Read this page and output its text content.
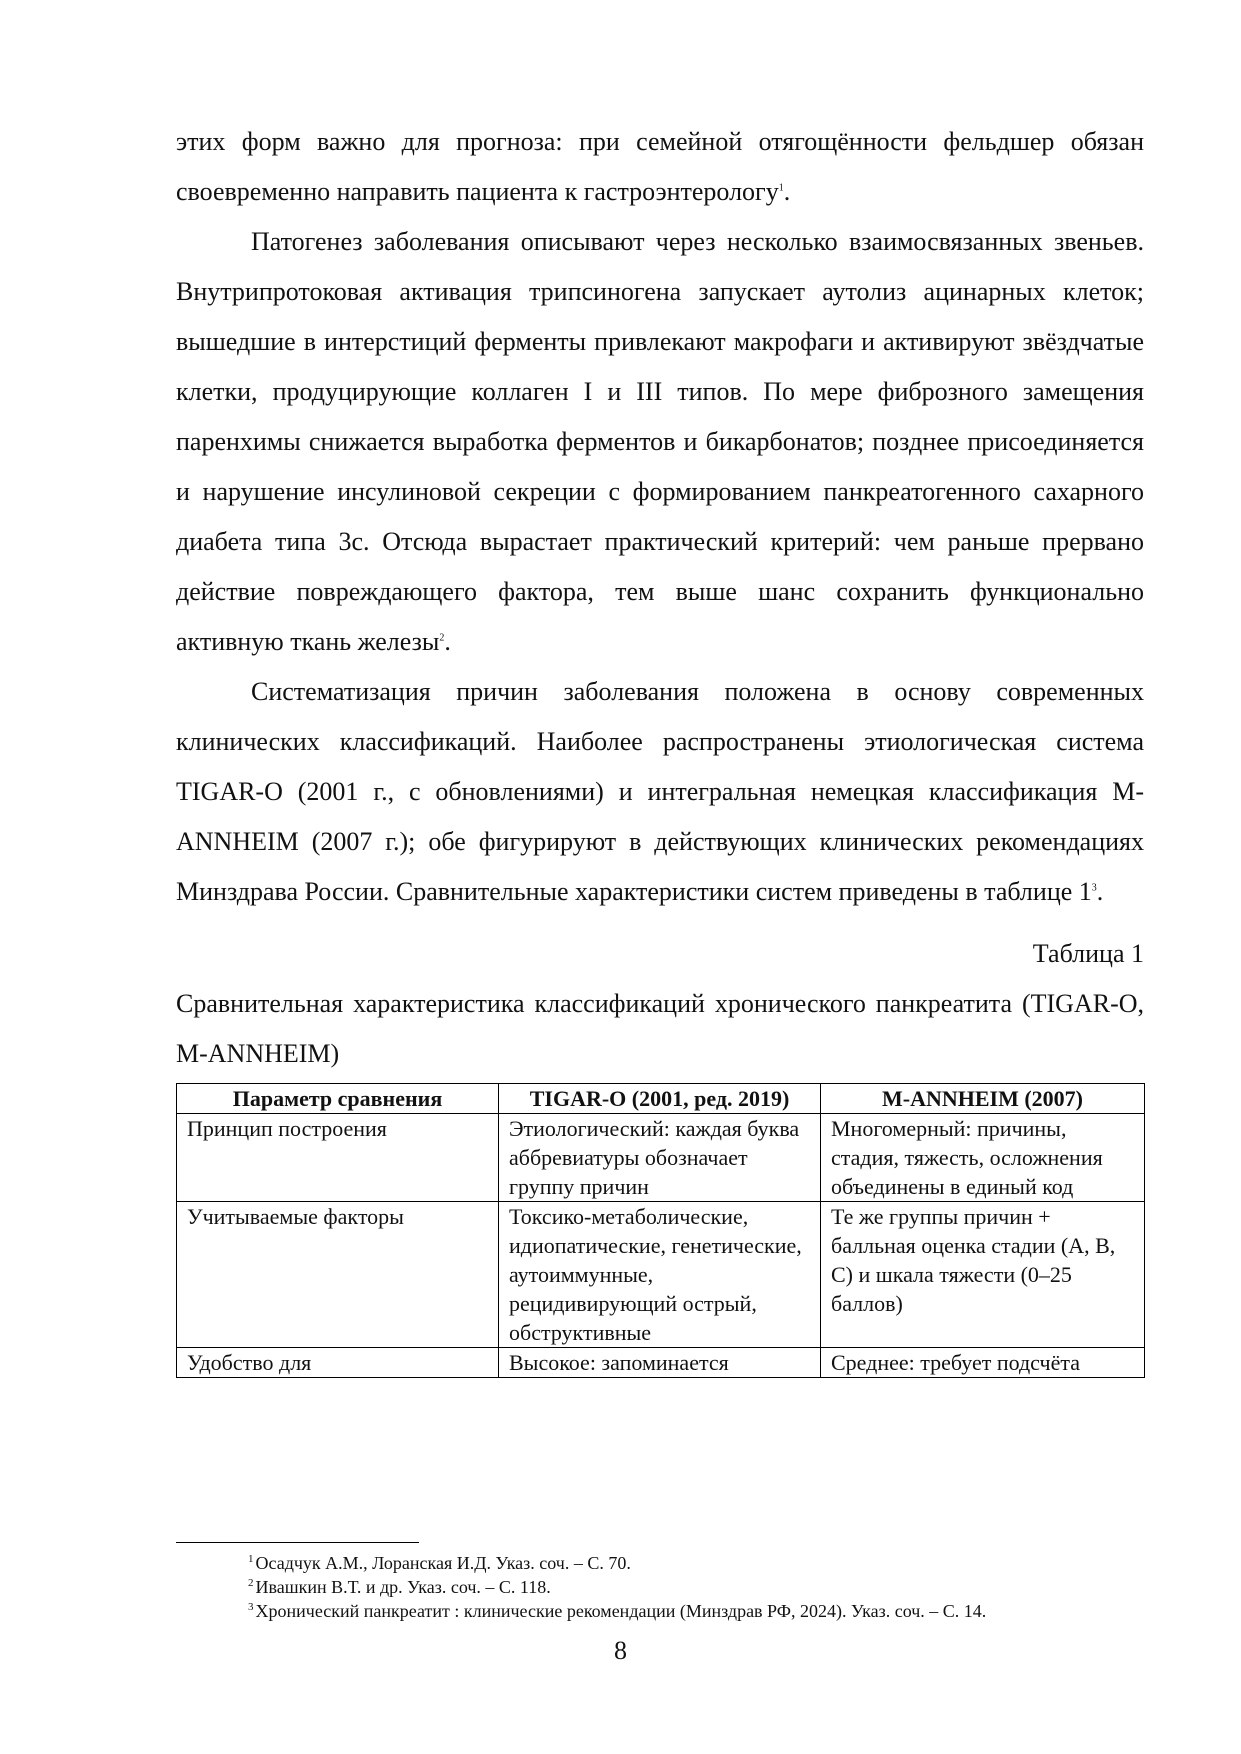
этих форм важно для прогноза: при семейной отягощённости фельдшер обязан своевременно направить пациента к гастроэнтерологу$^1$.

Патогенез заболевания описывают через несколько взаимосвязанных звеньев. Внутрипротоковая активация трипсиногена запускает аутолиз ацинарных клеток; вышедшие в интерстиций ферменты привлекают макрофаги и активируют звёздчатые клетки, продуцирующие коллаген I и III типов. По мере фиброзного замещения паренхимы снижается выработка ферментов и бикарбонатов; позднее присоединяется и нарушение инсулиновой секреции с формированием панкреатогенного сахарного диабета типа 3с. Отсюда вырастает практический критерий: чем раньше прервано действие повреждающего фактора, тем выше шанс сохранить функционально активную ткань железы$^2$.

Систематизация причин заболевания положена в основу современных клинических классификаций. Наиболее распространены этиологическая система TIGAR-O (2001 г., с обновлениями) и интегральная немецкая классификация M-ANNHEIM (2007 г.); обе фигурируют в действующих клинических рекомендациях Минздрава России. Сравнительные характеристики систем приведены в таблице 1$^3$.

Таблица 1

Сравнительная характеристика классификаций хронического панкреатита (TIGAR-O, M-ANNHEIM)

Параметр сравнения	TIGAR-O (2001, ред. 2019)	M-ANNHEIM (2007)
Принцип построения	Этиологический: каждая буква аббревиатуры обозначает группу причин	Многомерный: причины, стадия, тяжесть, осложнения объединены в единый код
Учитываемые факторы	Токсико-метаболические, идиопатические, генетические, аутоиммунные, рецидивирующий острый, обструктивные	Те же группы причин + балльная оценка стадии (A, B, C) и шкала тяжести (0–25 баллов)
Удобство для	Высокое: запоминается	Среднее: требует подсчёта

$^1$ Осадчук А.М., Лоранская И.Д. Указ. соч. – С. 70.

$^2$ Ивашкин В.Т. и др. Указ. соч. – С. 118.

$^3$ Хронический панкреатит : клинические рекомендации (Минздрав РФ, 2024). Указ. соч. – С. 14.

8
